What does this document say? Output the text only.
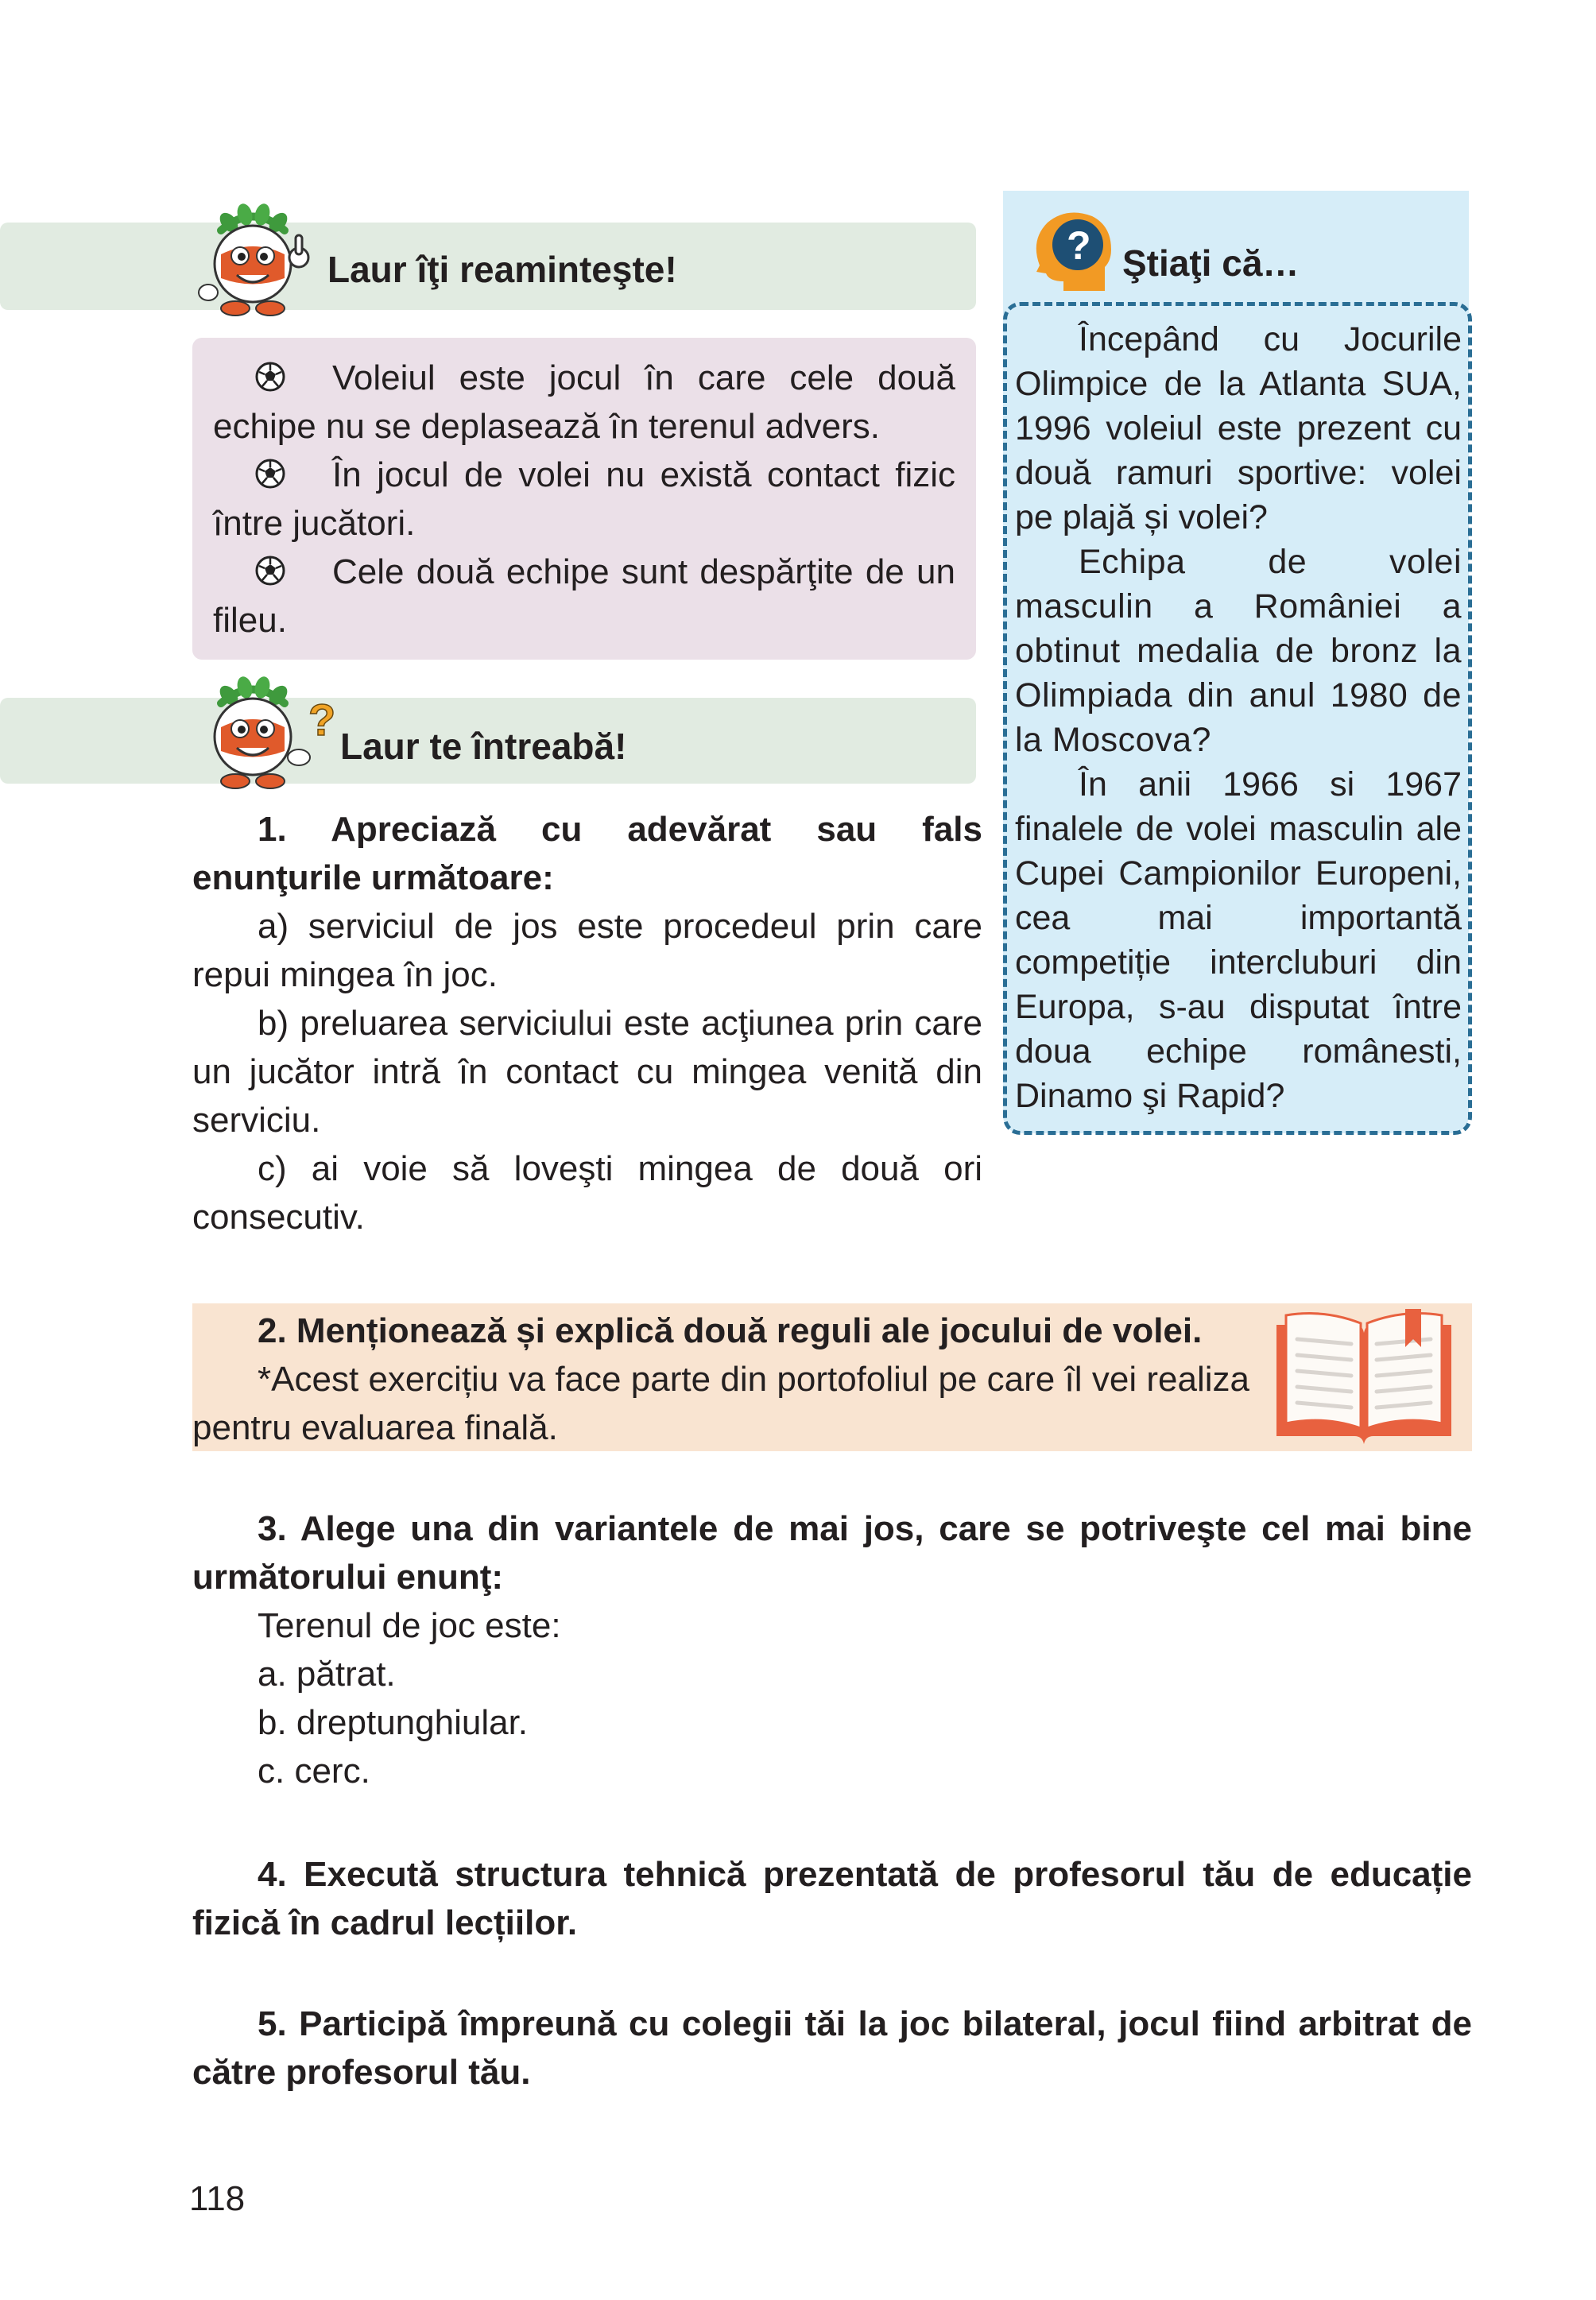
Laur îţi reaminteşte!

Voleiul este jocul în care cele două echipe nu se deplasează în terenul advers.

În jocul de volei nu există contact fizic între jucători.

Cele două echipe sunt despărţite de un fileu.

?
Laur te întreabă!

1. Apreciază cu adevărat sau fals enunţurile următoare:

a) serviciul de jos este procedeul prin care repui mingea în joc.

b) preluarea serviciului este acţiunea prin care un jucător intră în contact cu mingea venită din serviciu.

c) ai voie să loveşti mingea de două ori consecutiv.

? Ştiaţi că…

Începând cu Jocurile Olimpice de la Atlanta SUA, 1996 voleiul este prezent cu două ramuri sportive: volei pe plajă și volei?

Echipa de volei masculin a României a obtinut medalia de bronz la Olimpiada din anul 1980 de la Moscova?

În anii 1966 si 1967 finalele de volei masculin ale Cupei Campionilor Europeni, cea mai importantă competiție intercluburi din Europa, s-au disputat între doua echipe românesti, Dinamo şi Rapid?

2. Menționează și explică două reguli ale jocului de volei.

*Acest exercițiu va face parte din portofoliul pe care îl vei realiza pentru evaluarea finală.

3. Alege una din variantele de mai jos, care se potriveşte cel mai bine următorului enunţ:

Terenul de joc este:

a. pătrat.

b. dreptunghiular.

c. cerc.

4. Execută structura tehnică prezentată de profesorul tău de educație fizică în cadrul lecțiilor.

5. Participă împreună cu colegii tăi la joc bilateral, jocul fiind arbitrat de către profesorul tău.

118
